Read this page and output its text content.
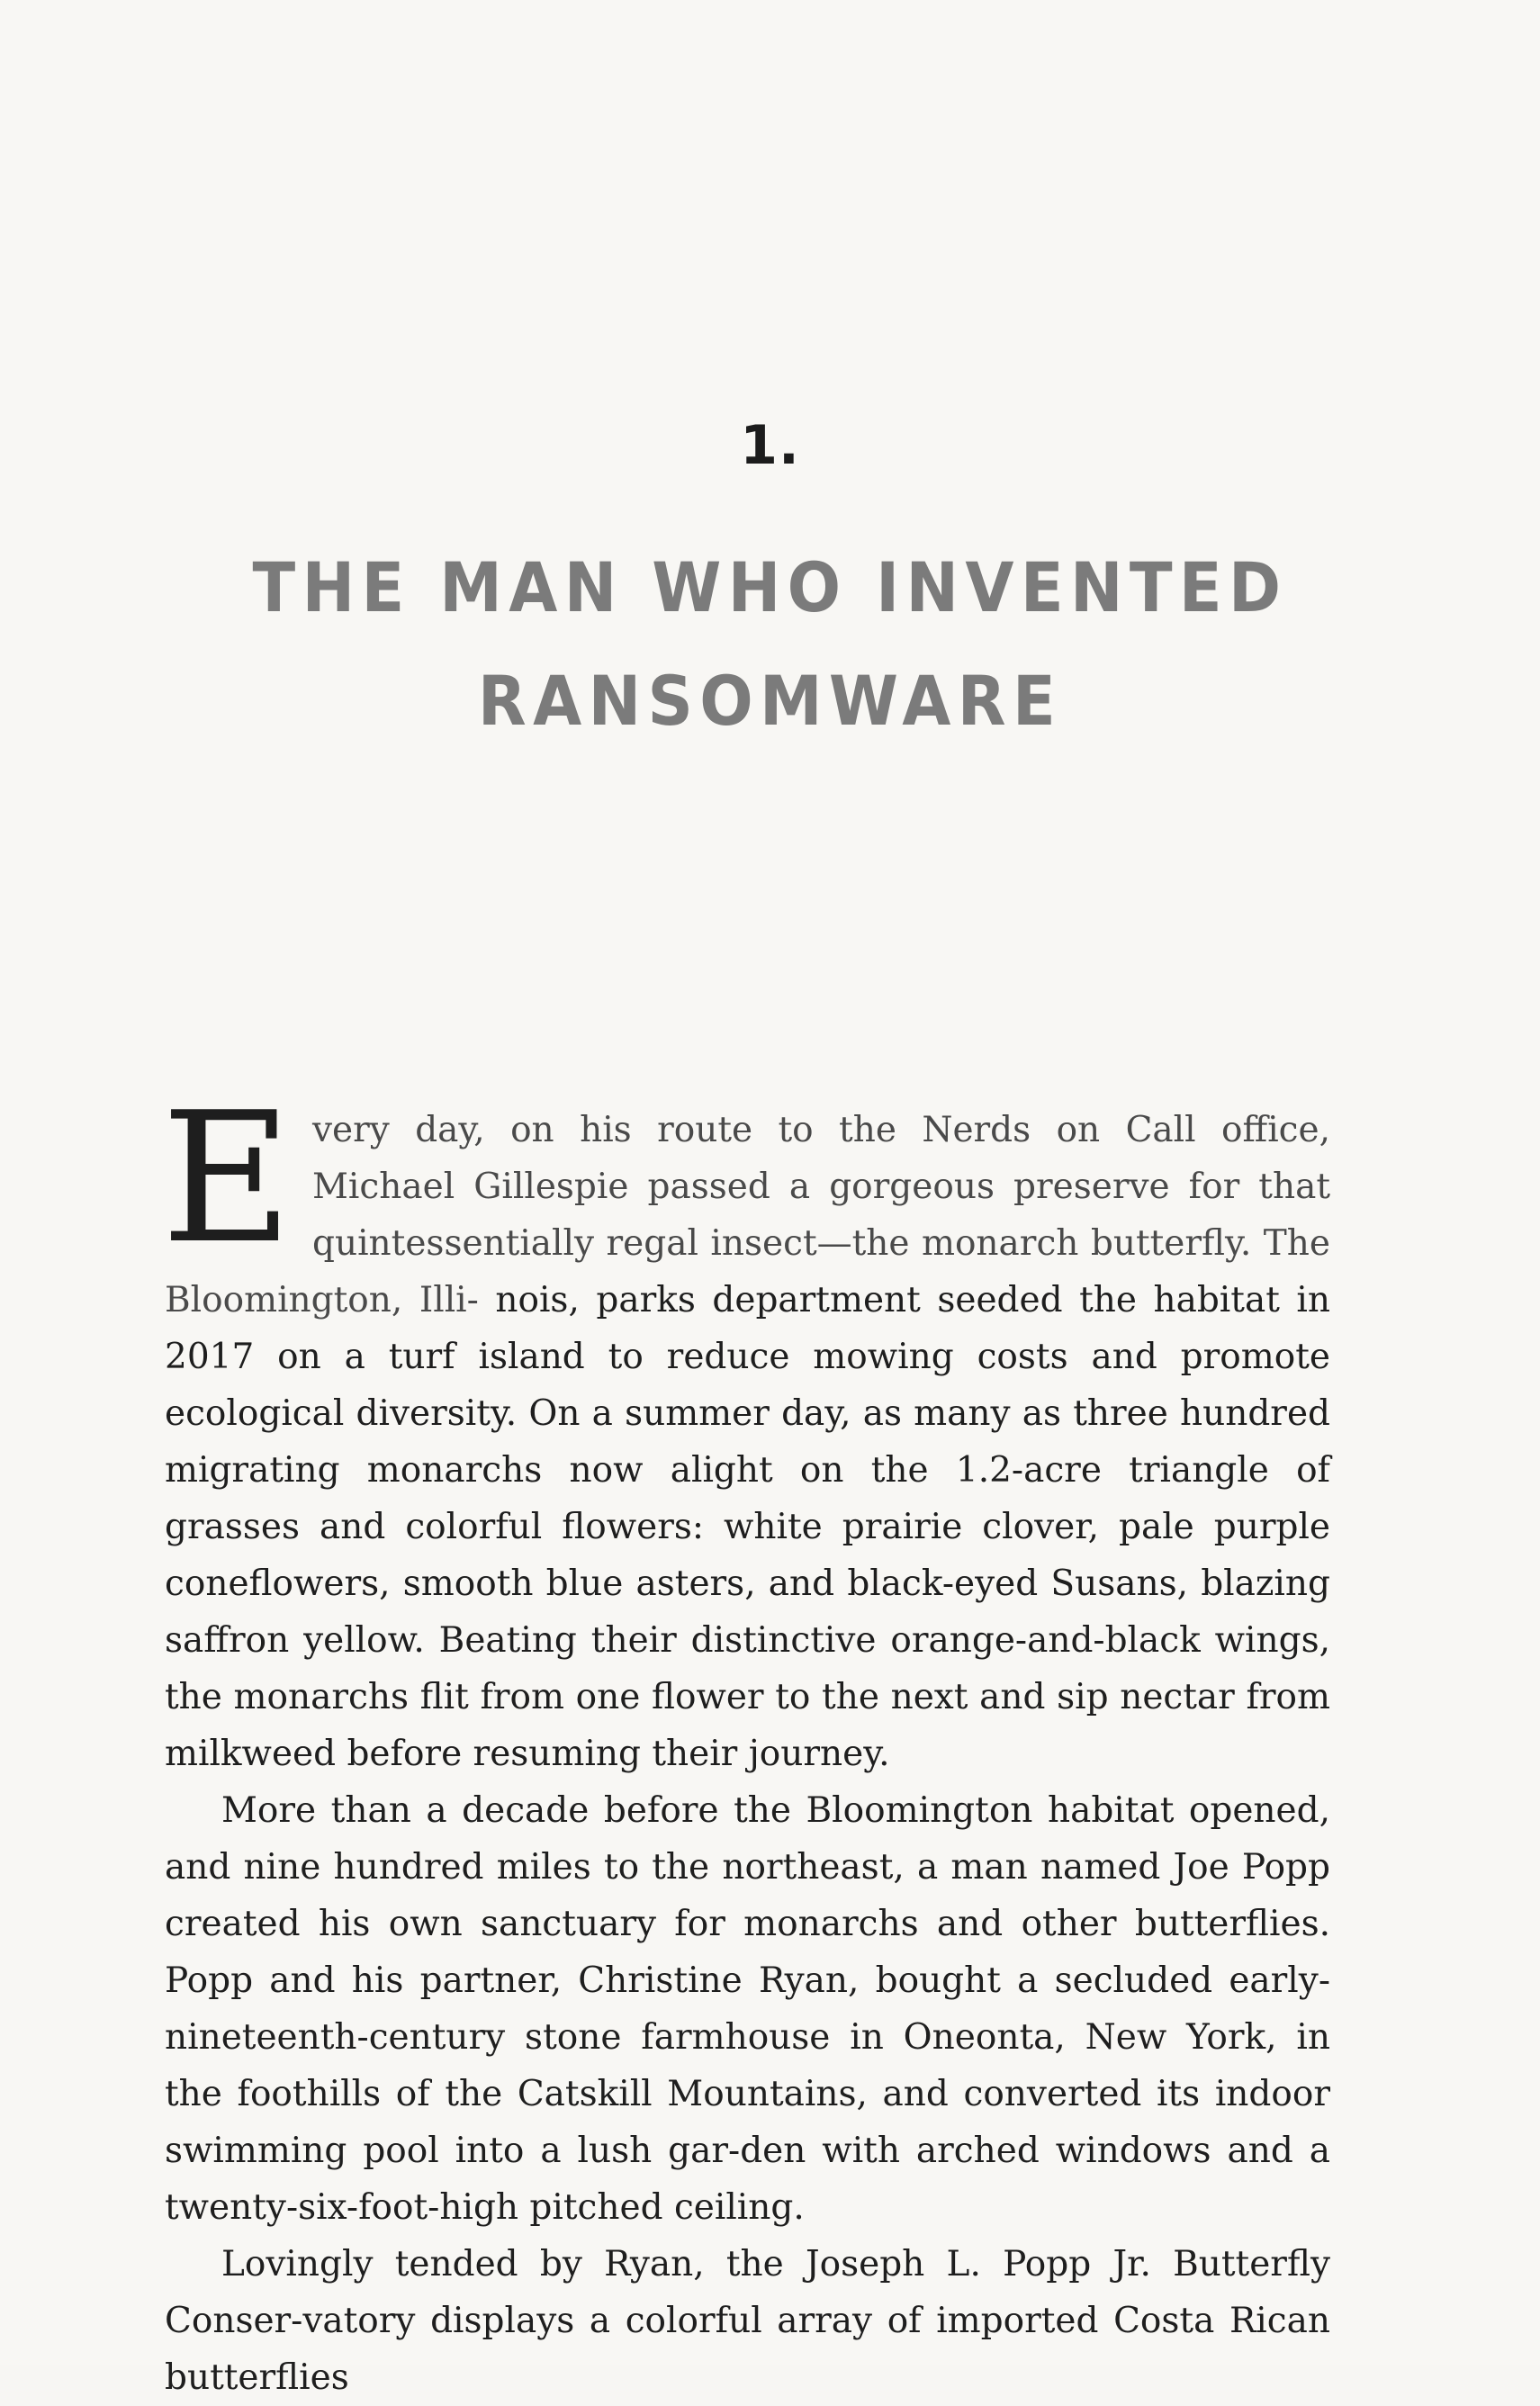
1.
THE MAN WHO INVENTED
RANSOMWARE

Every day, on his route to the Nerds on Call office, Michael Gillespie passed a gorgeous preserve for that quintessentially regal insect—the monarch butterfly. The Bloomington, Illi- nois, parks department seeded the habitat in 2017 on a turf island to reduce mowing costs and promote ecological diversity. On a summer day, as many as three hundred migrating monarchs now alight on the 1.2-acre triangle of grasses and colorful flowers: white prairie clover, pale purple coneflowers, smooth blue asters, and black-eyed Susans, blazing saffron yellow. Beating their distinctive orange-and-black wings, the monarchs flit from one flower to the next and sip nectar from milkweed before resuming their journey.

More than a decade before the Bloomington habitat opened, and nine hundred miles to the northeast, a man named Joe Popp created his own sanctuary for monarchs and other butterflies. Popp and his partner, Christine Ryan, bought a secluded early-nineteenth-century stone farmhouse in Oneonta, New York, in the foothills of the Catskill Mountains, and converted its indoor swimming pool into a lush gar-den with arched windows and a twenty-six-foot-high pitched ceiling.

Lovingly tended by Ryan, the Joseph L. Popp Jr. Butterfly Conser-vatory displays a colorful array of imported Costa Rican butterflies
